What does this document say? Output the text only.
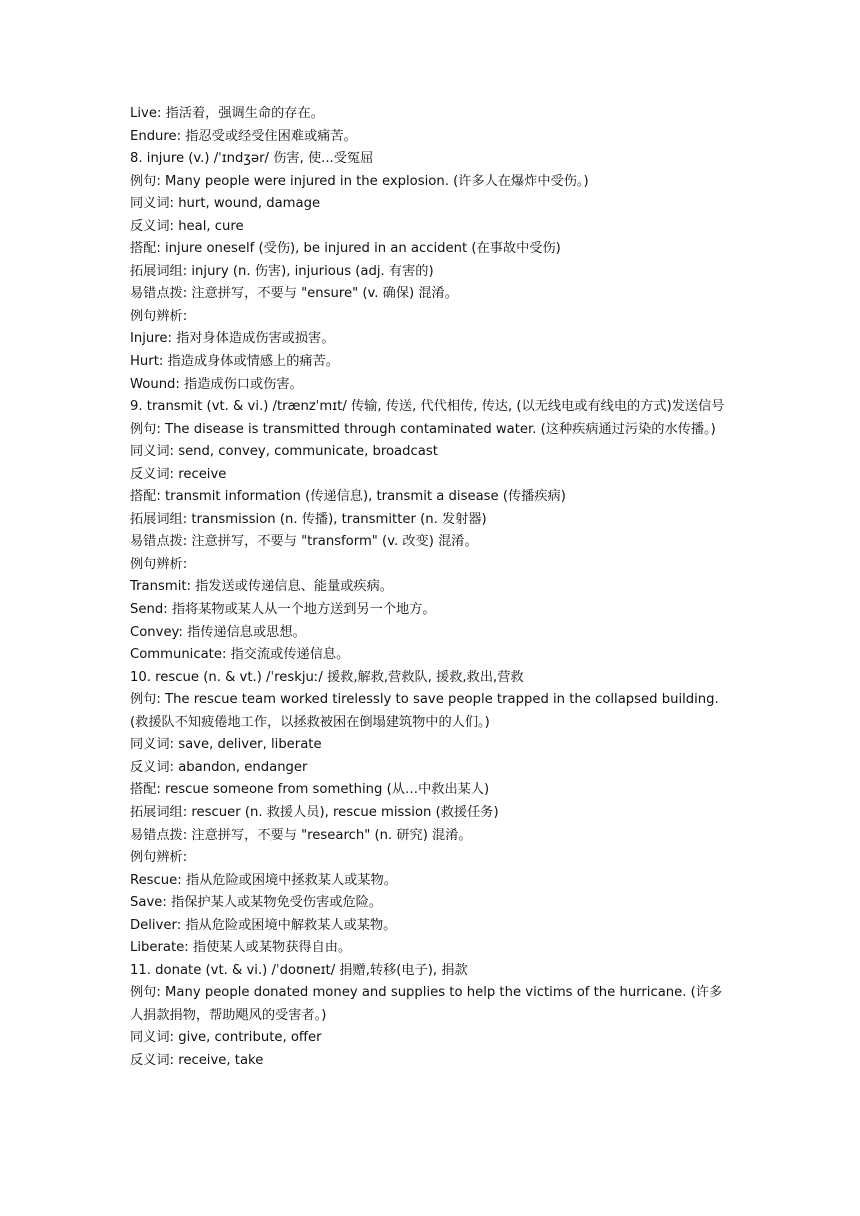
Live: 指活着，强调生命的存在。
Endure: 指忍受或经受住困难或痛苦。
8. injure (v.) /ˈɪndʒər/ 伤害, 使...受冤屈
例句: Many people were injured in the explosion. (许多人在爆炸中受伤。)
同义词: hurt, wound, damage
反义词: heal, cure
搭配: injure oneself (受伤), be injured in an accident (在事故中受伤)
拓展词组: injury (n. 伤害), injurious (adj. 有害的)
易错点拨: 注意拼写，不要与 "ensure" (v. 确保) 混淆。
例句辨析:
Injure: 指对身体造成伤害或损害。
Hurt: 指造成身体或情感上的痛苦。
Wound: 指造成伤口或伤害。
9. transmit (vt. & vi.) /trænzˈmɪt/ 传输, 传送, 代代相传, 传达, (以无线电或有线电的方式)发送信号
例句: The disease is transmitted through contaminated water. (这种疾病通过污染的水传播。)
同义词: send, convey, communicate, broadcast
反义词: receive
搭配: transmit information (传递信息), transmit a disease (传播疾病)
拓展词组: transmission (n. 传播), transmitter (n. 发射器)
易错点拨: 注意拼写，不要与 "transform" (v. 改变) 混淆。
例句辨析:
Transmit: 指发送或传递信息、能量或疾病。
Send: 指将某物或某人从一个地方送到另一个地方。
Convey: 指传递信息或思想。
Communicate: 指交流或传递信息。
10. rescue (n. & vt.) /ˈreskjuː/ 援救,解救,营救队, 援救,救出,营救
例句: The rescue team worked tirelessly to save people trapped in the collapsed building. (救援队不知疲倦地工作，以拯救被困在倒塌建筑物中的人们。)
同义词: save, deliver, liberate
反义词: abandon, endanger
搭配: rescue someone from something (从…中救出某人)
拓展词组: rescuer (n. 救援人员), rescue mission (救援任务)
易错点拨: 注意拼写，不要与 "research" (n. 研究) 混淆。
例句辨析:
Rescue: 指从危险或困境中拯救某人或某物。
Save: 指保护某人或某物免受伤害或危险。
Deliver: 指从危险或困境中解救某人或某物。
Liberate: 指使某人或某物获得自由。
11. donate (vt. & vi.) /ˈdoʊneɪt/ 捐赠,转移(电子), 捐款
例句: Many people donated money and supplies to help the victims of the hurricane. (许多人捐款捐物，帮助飓风的受害者。)
同义词: give, contribute, offer
反义词: receive, take
